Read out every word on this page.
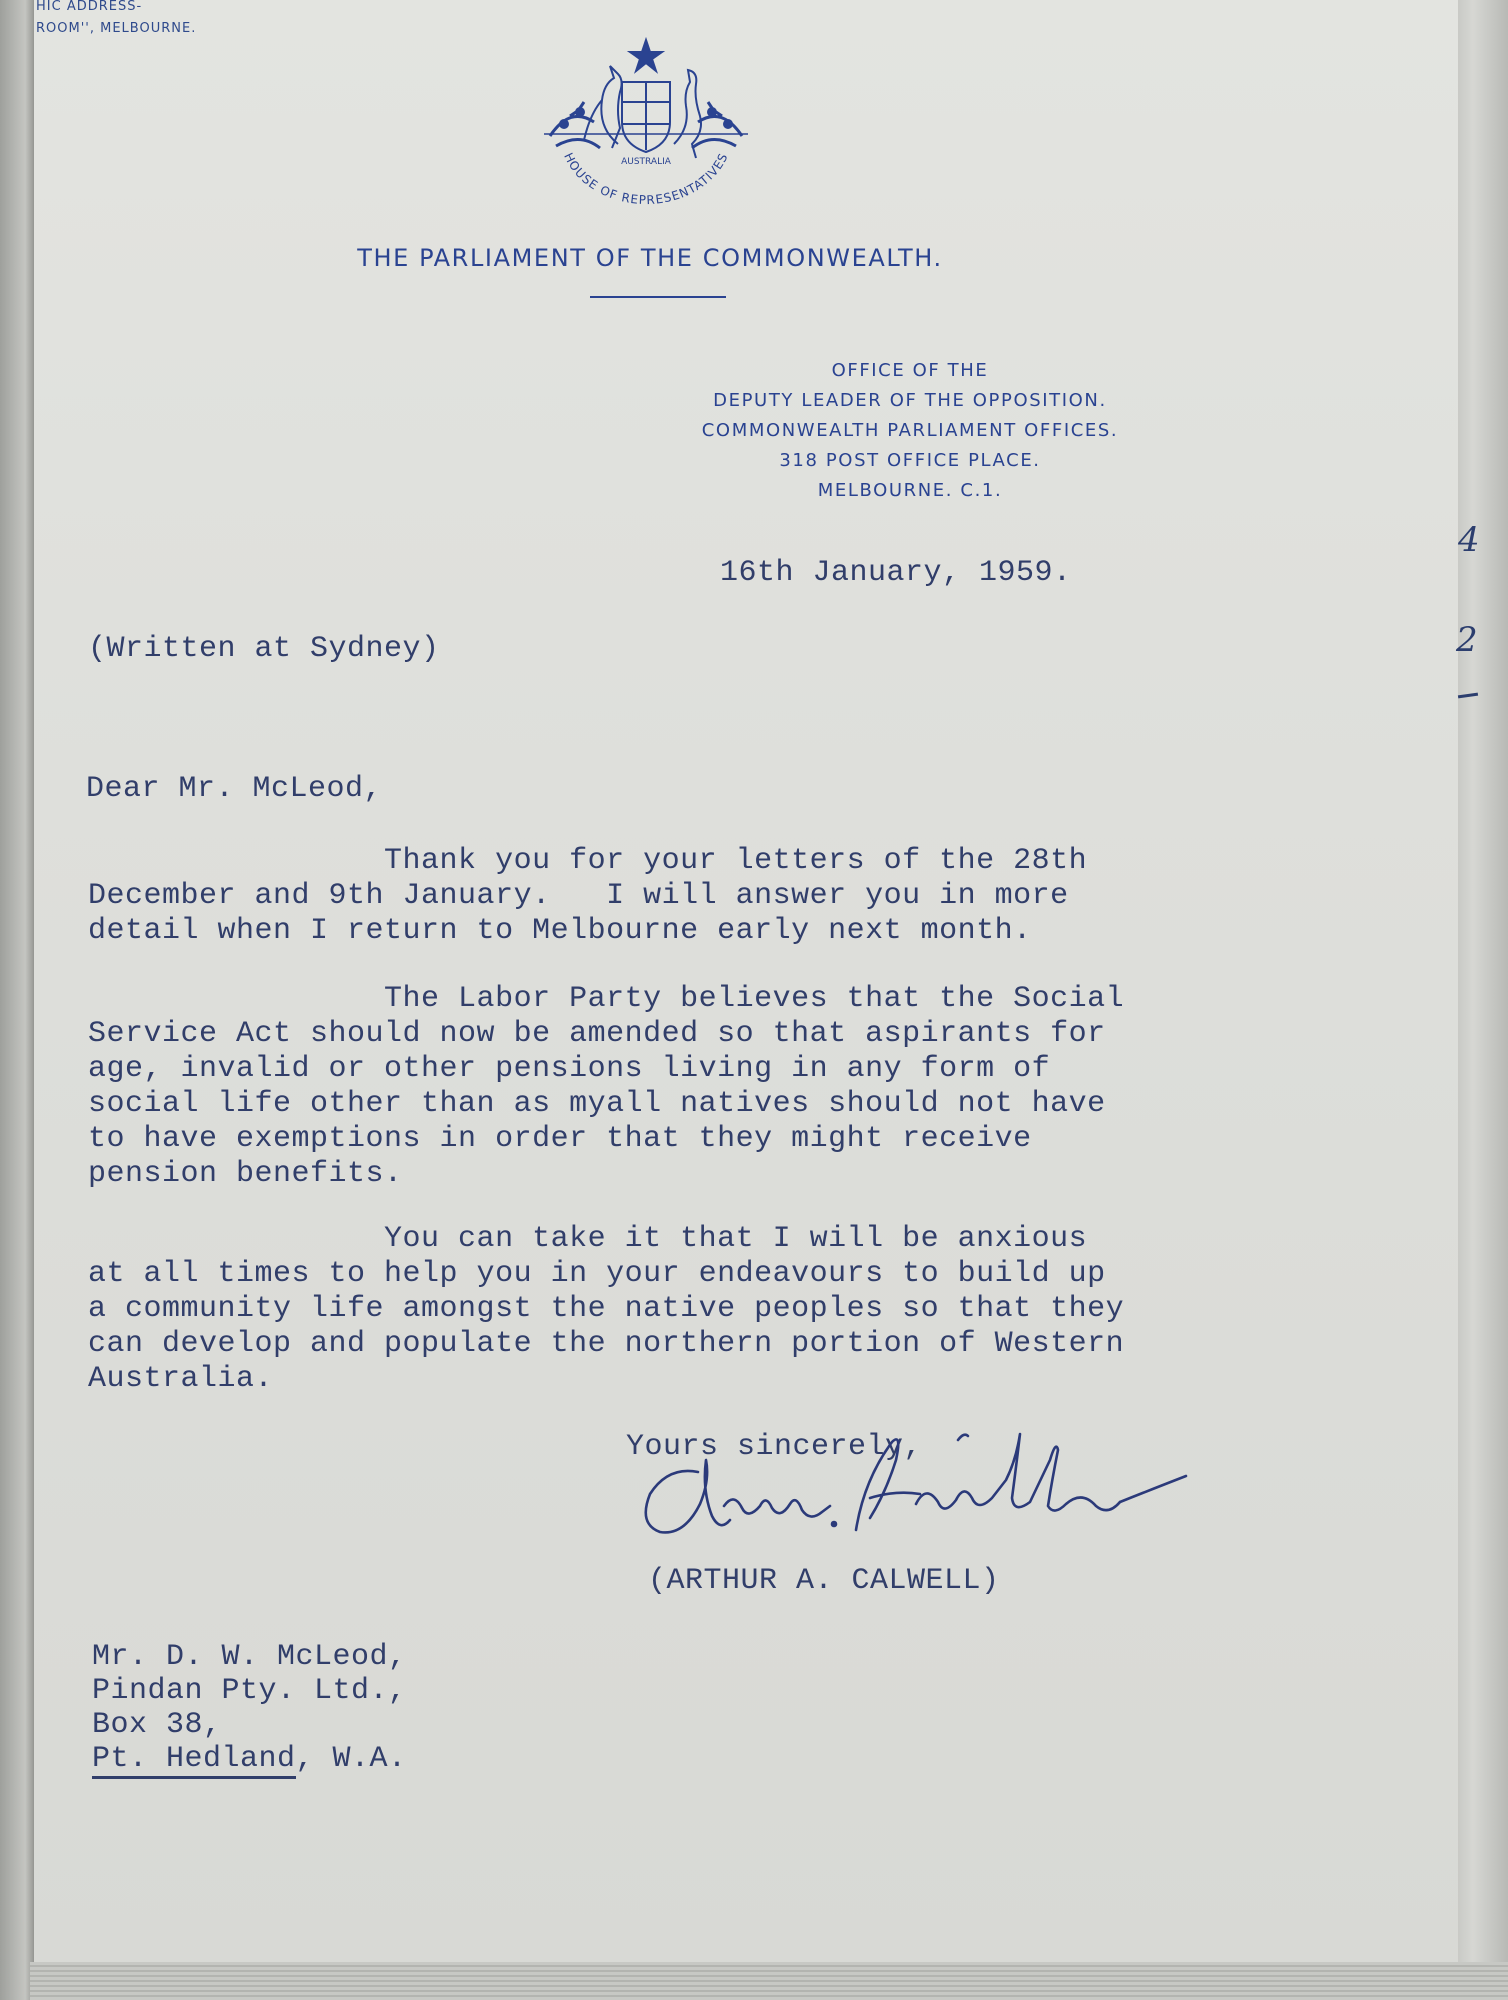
4
2
HIC ADDRESS-
ROOM'', MELBOURNE.
AUSTRALIA
HOUSE OF REPRESENTATIVES
THE PARLIAMENT OF THE COMMONWEALTH.
OFFICE OF THE
DEPUTY LEADER OF THE OPPOSITION.
COMMONWEALTH PARLIAMENT OFFICES.
318 POST OFFICE PLACE.
MELBOURNE. C.1.
16th January, 1959.
(Written at Sydney)
Dear Mr. McLeod,
Thank you for your letters of the 28th
December and 9th January.   I will answer you in more
detail when I return to Melbourne early next month.
The Labor Party believes that the Social
Service Act should now be amended so that aspirants for
age, invalid or other pensions living in any form of
social life other than as myall natives should not have
to have exemptions in order that they might receive
pension benefits.
You can take it that I will be anxious
at all times to help you in your endeavours to build up
a community life amongst the native peoples so that they
can develop and populate the northern portion of Western
Australia.
Yours sincerely,
(ARTHUR A. CALWELL)
Mr. D. W. McLeod,
Pindan Pty. Ltd.,
Box 38,
Pt. Hedland, W.A.
